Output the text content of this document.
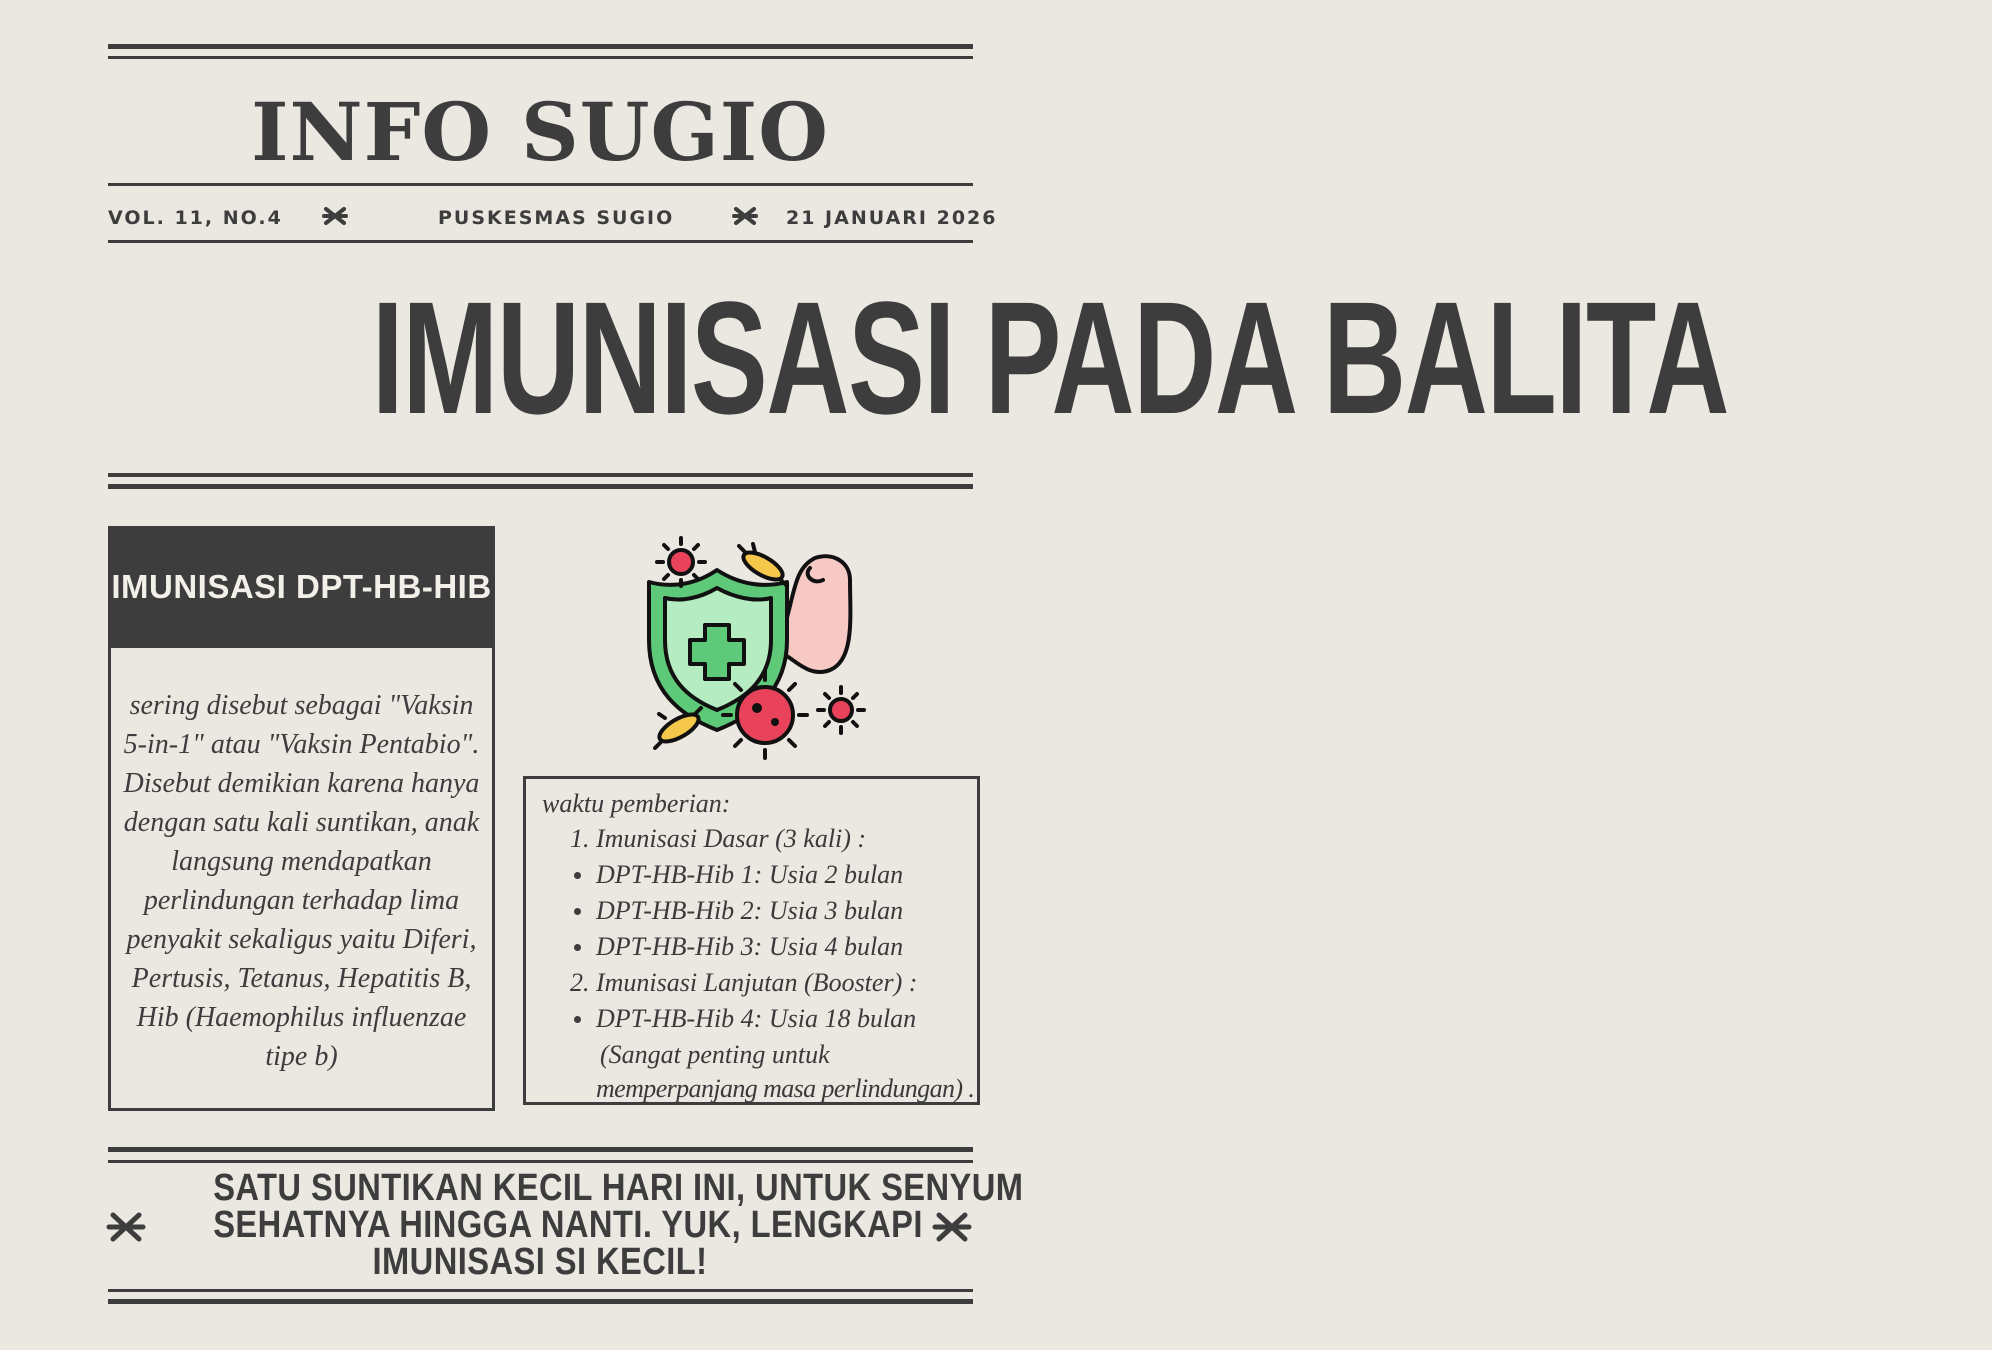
INFO SUGIO
VOL. 11, NO.4	PUSKESMAS SUGIO	21 JANUARI 2026
IMUNISASI PADA BALITA
IMUNISASI DPT-HB-HIB
sering disebut sebagai "Vaksin 5-in-1" atau "Vaksin Pentabio". Disebut demikian karena hanya dengan satu kali suntikan, anak langsung mendapatkan perlindungan terhadap lima penyakit sekaligus yaitu Diferi, Pertusis, Tetanus, Hepatitis B, Hib (Haemophilus influenzae tipe b)
waktu pemberian:
1. Imunisasi Dasar (3 kali) :
DPT-HB-Hib 1: Usia 2 bulan
DPT-HB-Hib 2: Usia 3 bulan
DPT-HB-Hib 3: Usia 4 bulan
2. Imunisasi Lanjutan (Booster) :
DPT-HB-Hib 4: Usia 18 bulan
(Sangat penting untuk
memperpanjang masa perlindungan) .
SATU SUNTIKAN KECIL HARI INI, UNTUK SENYUM
SEHATNYA HINGGA NANTI. YUK, LENGKAPI
IMUNISASI SI KECIL!
